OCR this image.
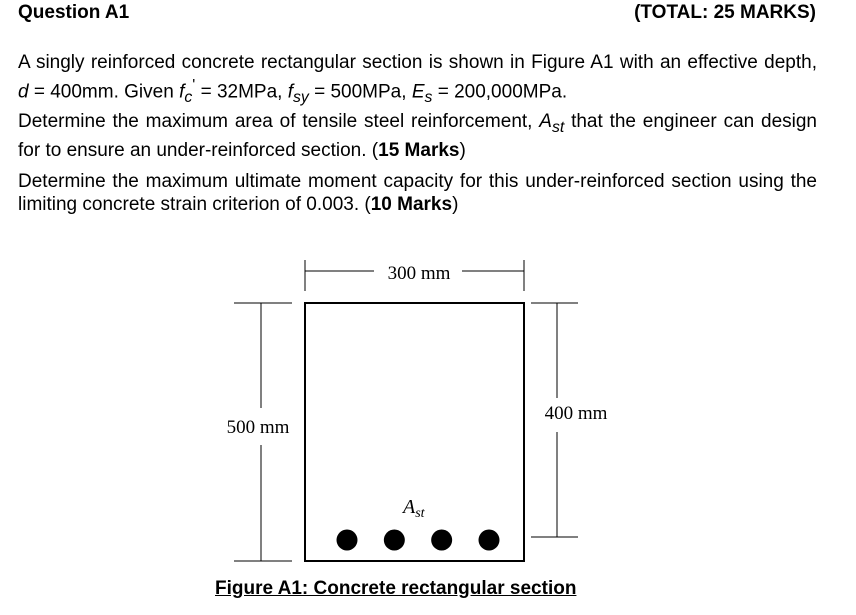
Question A1	(TOTAL: 25 MARKS)

A singly reinforced concrete rectangular section is shown in Figure A1 with an effective depth, d = 400mm. Given $f_c' = 32MPa$, $f_{sy} = 500MPa$, $E_s = 200,000MPa$.

Determine the maximum area of tensile steel reinforcement, $A_{st}$ that the engineer can design for to ensure an under-reinforced section. (15 Marks)

Determine the maximum ultimate moment capacity for this under-reinforced section using the limiting concrete strain criterion of 0.003. (10 Marks)

300 mm
500 mm
400 mm
$A_{st}$
Figure A1: Concrete rectangular section
